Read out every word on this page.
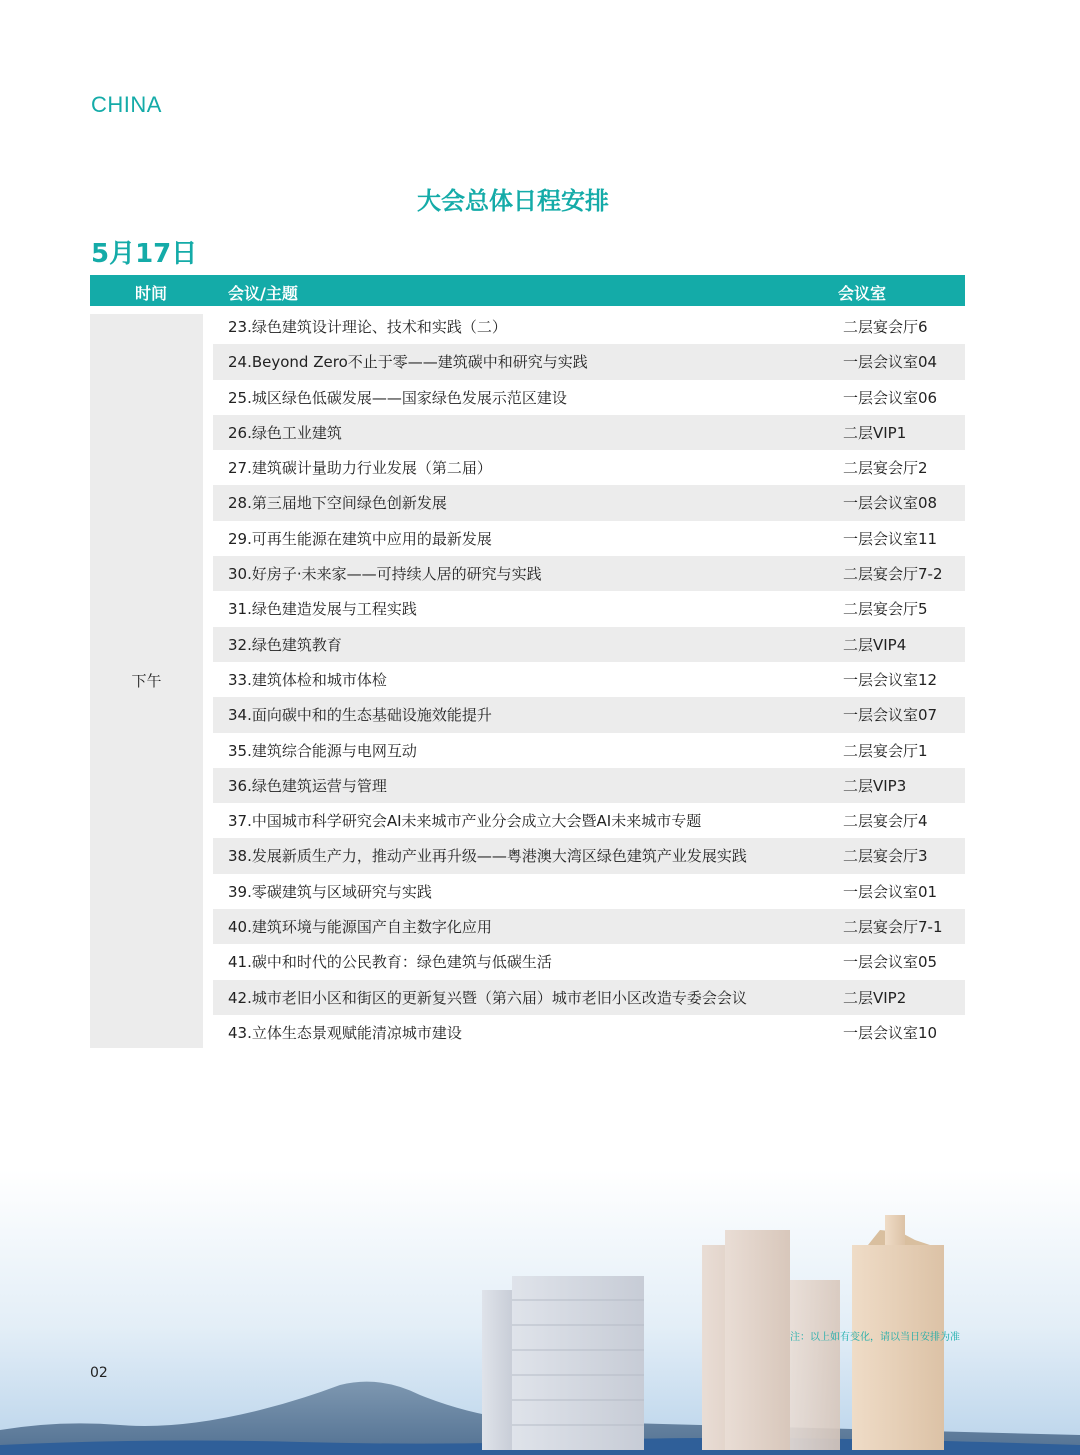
CHINA
大会总体日程安排
5月17日
时间	会议/主题	会议室
下午
23.绿色建筑设计理论、技术和实践（二）	二层宴会厅6
24.Beyond Zero不止于零——建筑碳中和研究与实践	一层会议室04
25.城区绿色低碳发展——国家绿色发展示范区建设	一层会议室06
26.绿色工业建筑	二层VIP1
27.建筑碳计量助力行业发展（第二届）	二层宴会厅2
28.第三届地下空间绿色创新发展	一层会议室08
29.可再生能源在建筑中应用的最新发展	一层会议室11
30.好房子·未来家——可持续人居的研究与实践	二层宴会厅7-2
31.绿色建造发展与工程实践	二层宴会厅5
32.绿色建筑教育	二层VIP4
33.建筑体检和城市体检	一层会议室12
34.面向碳中和的生态基础设施效能提升	一层会议室07
35.建筑综合能源与电网互动	二层宴会厅1
36.绿色建筑运营与管理	二层VIP3
37.中国城市科学研究会AI未来城市产业分会成立大会暨AI未来城市专题	二层宴会厅4
38.发展新质生产力，推动产业再升级——粤港澳大湾区绿色建筑产业发展实践	二层宴会厅3
39.零碳建筑与区域研究与实践	一层会议室01
40.建筑环境与能源国产自主数字化应用	二层宴会厅7-1
41.碳中和时代的公民教育：绿色建筑与低碳生活	一层会议室05
42.城市老旧小区和街区的更新复兴暨（第六届）城市老旧小区改造专委会会议	二层VIP2
43.立体生态景观赋能清凉城市建设	一层会议室10
注：以上如有变化，请以当日安排为准
02
